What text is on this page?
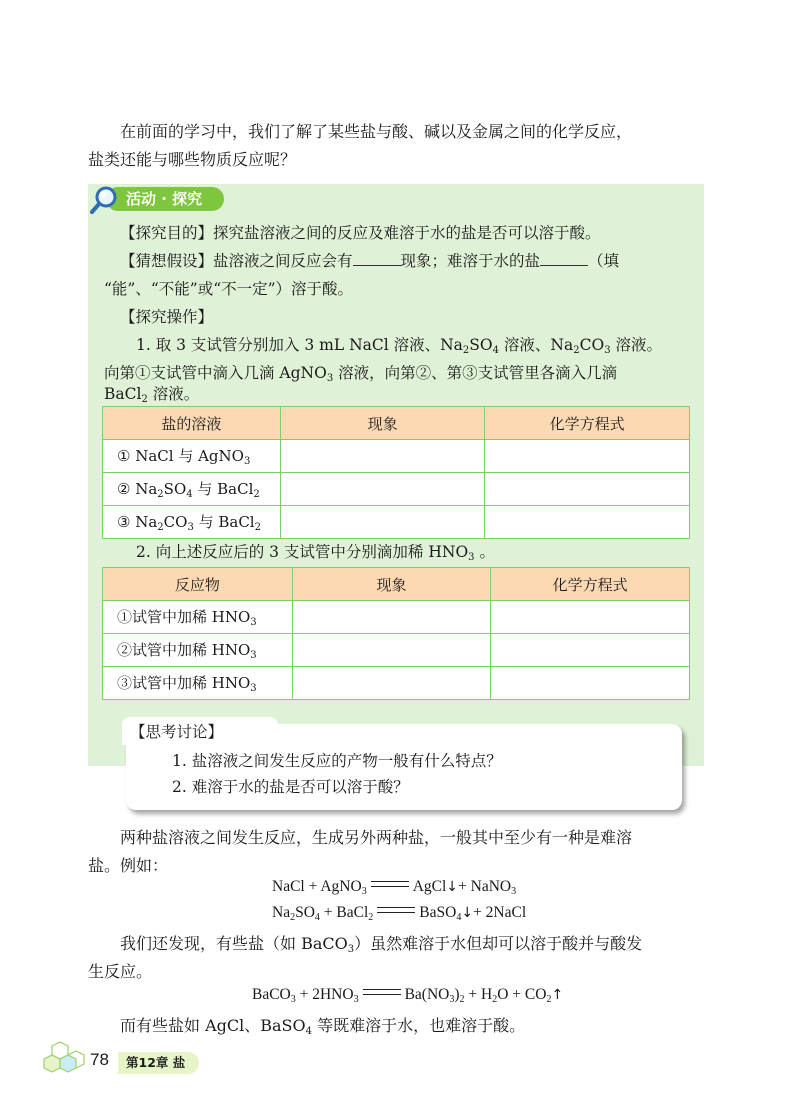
在前面的学习中，我们了解了某些盐与酸、碱以及金属之间的化学反应，
盐类还能与哪些物质反应呢？
活动 · 探究
【探究目的】探究盐溶液之间的反应及难溶于水的盐是否可以溶于酸。
【猜想假设】盐溶液之间反应会有	现象；难溶于水的盐	（填
“能”、“不能”或“不一定”）溶于酸。
【探究操作】
1. 取 3 支试管分别加入 3 mL NaCl 溶液、$Na_2SO_4$ 溶液、$Na_2CO_3$ 溶液。
向第①支试管中滴入几滴 AgNO$_3$ 溶液，向第②、第③支试管里各滴入几滴
BaCl$_2$ 溶液。
盐的溶液	现象	化学方程式
① NaCl 与 AgNO$_3$		
② $Na_2SO_4$ 与 BaCl$_2$		
③ $Na_2CO_3$ 与 BaCl$_2$		
2. 向上述反应后的 3 支试管中分别滴加稀 $HNO_3$ 。
反应物	现象	化学方程式
①试管中加稀 $HNO_3$		
②试管中加稀 $HNO_3$		
③试管中加稀 $HNO_3$		
1. 盐溶液之间发生反应的产物一般有什么特点？
2. 难溶于水的盐是否可以溶于酸？
【思考讨论】
两种盐溶液之间发生反应，生成另外两种盐，一般其中至少有一种是难溶
盐。例如：
NaCl + AgNO$_3$	AgCl↓+ NaNO$_3$
$Na_2SO_4$ + BaCl$_2$	BaSO$_4$↓+ 2NaCl
我们还发现，有些盐（如 BaCO$_3$）虽然难溶于水但却可以溶于酸并与酸发
生反应。
BaCO$_3$ + $2HNO_3$	$Ba(NO_3)_2 + H_2O$ + $CO_2↑$
而有些盐如 AgCl、BaSO$_4$ 等既难溶于水，也难溶于酸。
78	第12章 盐
